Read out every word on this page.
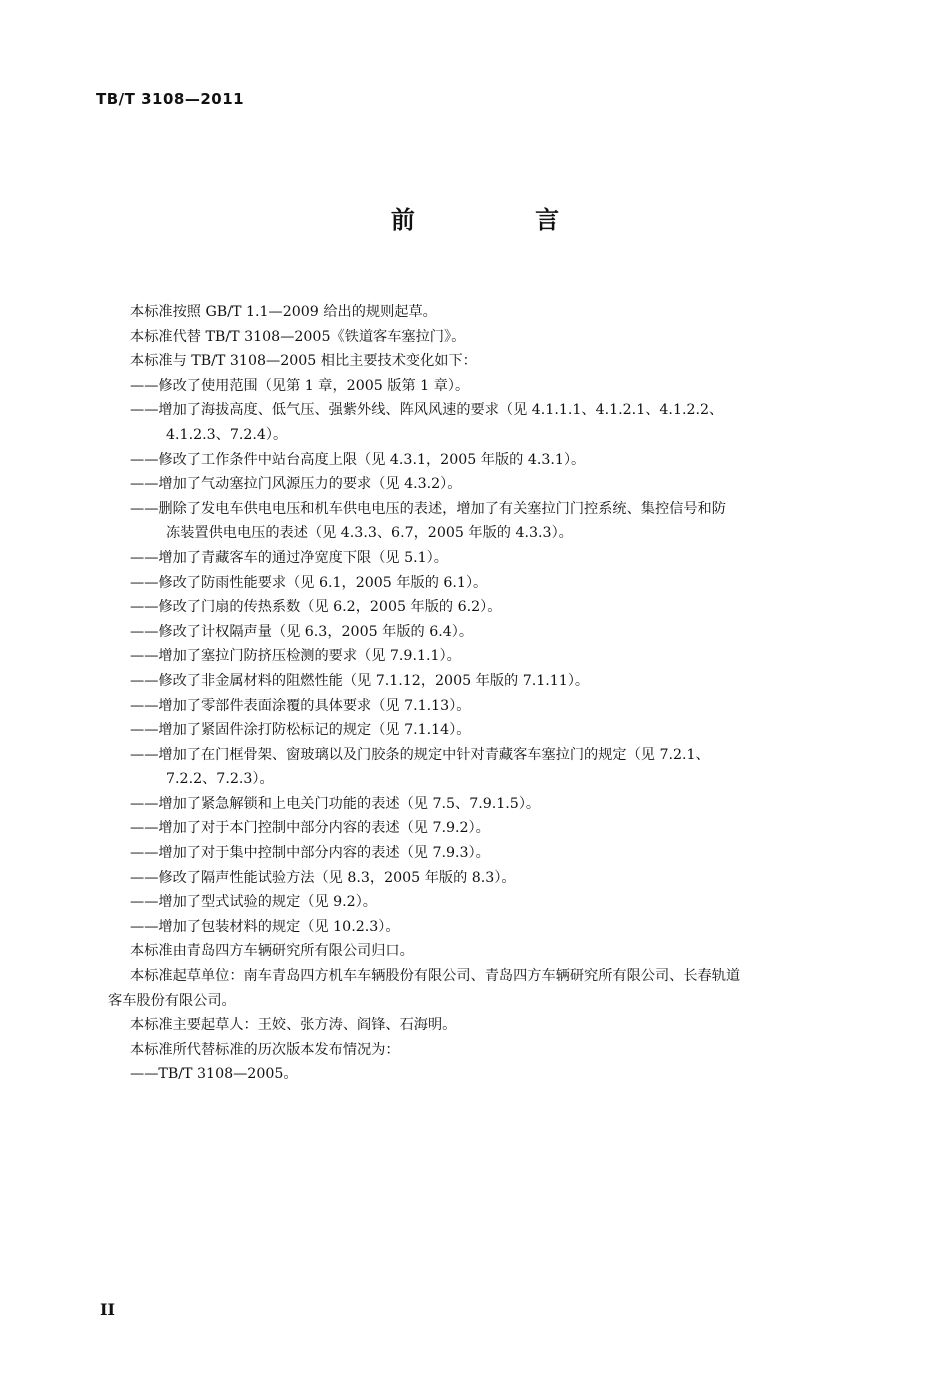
TB/T 3108—2011
前 言
本标准按照 GB/T 1.1—2009 给出的规则起草。
本标准代替 TB/T 3108—2005《铁道客车塞拉门》。
本标准与 TB/T 3108—2005 相比主要技术变化如下：
——修改了使用范围（见第 1 章，2005 版第 1 章）。
——增加了海拔高度、低气压、强紫外线、阵风风速的要求（见 4.1.1.1、4.1.2.1、4.1.2.2、
4.1.2.3、7.2.4）。
——修改了工作条件中站台高度上限（见 4.3.1，2005 年版的 4.3.1）。
——增加了气动塞拉门风源压力的要求（见 4.3.2）。
——删除了发电车供电电压和机车供电电压的表述，增加了有关塞拉门门控系统、集控信号和防
冻装置供电电压的表述（见 4.3.3、6.7，2005 年版的 4.3.3）。
——增加了青藏客车的通过净宽度下限（见 5.1）。
——修改了防雨性能要求（见 6.1，2005 年版的 6.1）。
——修改了门扇的传热系数（见 6.2，2005 年版的 6.2）。
——修改了计权隔声量（见 6.3，2005 年版的 6.4）。
——增加了塞拉门防挤压检测的要求（见 7.9.1.1）。
——修改了非金属材料的阻燃性能（见 7.1.12，2005 年版的 7.1.11）。
——增加了零部件表面涂覆的具体要求（见 7.1.13）。
——增加了紧固件涂打防松标记的规定（见 7.1.14）。
——增加了在门框骨架、窗玻璃以及门胶条的规定中针对青藏客车塞拉门的规定（见 7.2.1、
7.2.2、7.2.3）。
——增加了紧急解锁和上电关门功能的表述（见 7.5、7.9.1.5）。
——增加了对于本门控制中部分内容的表述（见 7.9.2）。
——增加了对于集中控制中部分内容的表述（见 7.9.3）。
——修改了隔声性能试验方法（见 8.3，2005 年版的 8.3）。
——增加了型式试验的规定（见 9.2）。
——增加了包装材料的规定（见 10.2.3）。
本标准由青岛四方车辆研究所有限公司归口。
本标准起草单位：南车青岛四方机车车辆股份有限公司、青岛四方车辆研究所有限公司、长春轨道
客车股份有限公司。
本标准主要起草人：王姣、张方涛、阎锋、石海明。
本标准所代替标准的历次版本发布情况为：
——TB/T 3108—2005。
II
